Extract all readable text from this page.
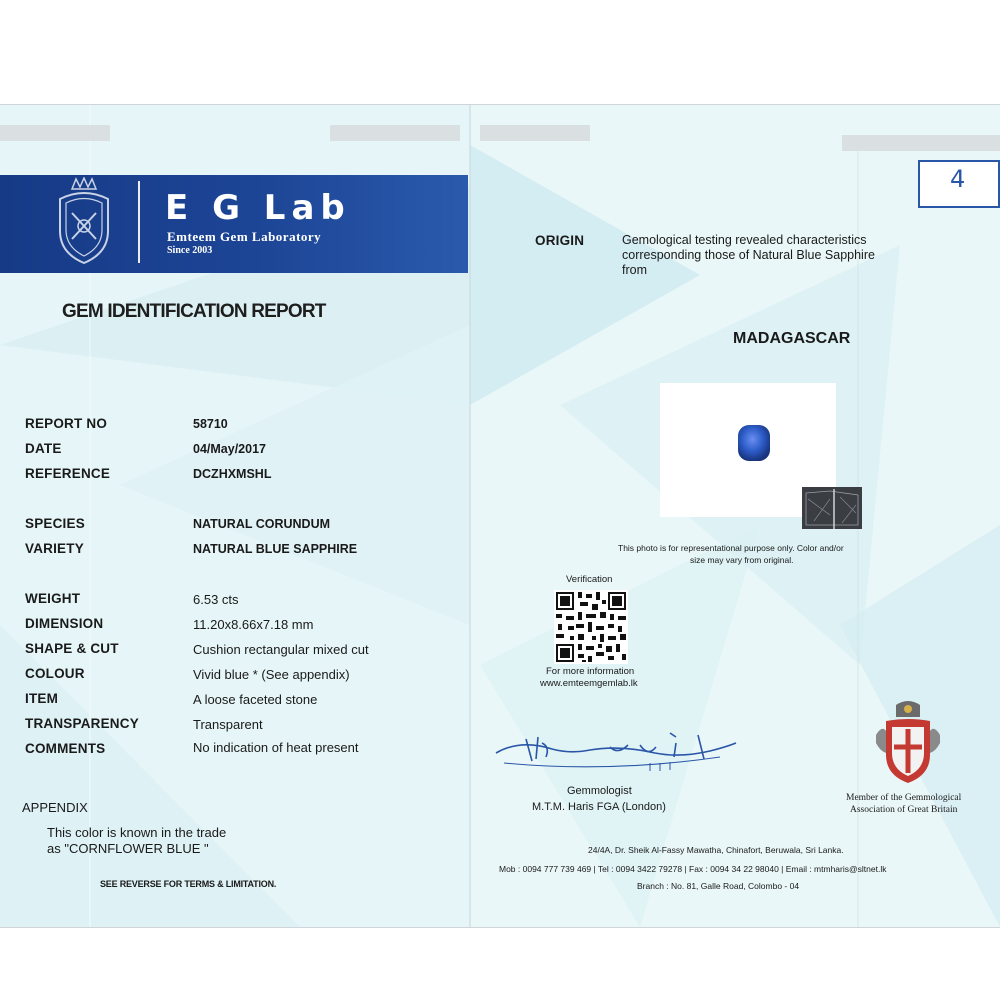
E G Lab
Emteem Gem Laboratory
Since 2003
GEM IDENTIFICATION REPORT
REPORT NO	58710
DATE	04/May/2017
REFERENCE	DCZHXMSHL
SPECIES	NATURAL CORUNDUM
VARIETY	NATURAL BLUE SAPPHIRE
WEIGHT	6.53 cts
DIMENSION	11.20x8.66x7.18 mm
SHAPE & CUT	Cushion rectangular mixed cut
COLOUR	Vivid blue * (See appendix)
ITEM	A loose faceted stone
TRANSPARENCY	Transparent
COMMENTS	No indication of heat present
APPENDIX
This color is known in the trade
as "CORNFLOWER BLUE "
SEE REVERSE FOR TERMS & LIMITATION.
4
ORIGIN	Gemological testing revealed characteristics
corresponding those of Natural Blue Sapphire
from
MADAGASCAR
This photo is for representational purpose only. Color and/or
size may vary from original.
Verification
For more information
www.emteemgemlab.lk
Gemmologist
M.T.M. Haris FGA (London)
Member of the Gemmological
Association of Great Britain
24/4A, Dr. Sheik Al-Fassy Mawatha, Chinafort, Beruwala, Sri Lanka.
Mob : 0094 777 739 469 | Tel : 0094 3422 79278 | Fax : 0094 34 22 98040 | Email : mtmharis@sltnet.lk
Branch : No. 81, Galle Road, Colombo - 04
